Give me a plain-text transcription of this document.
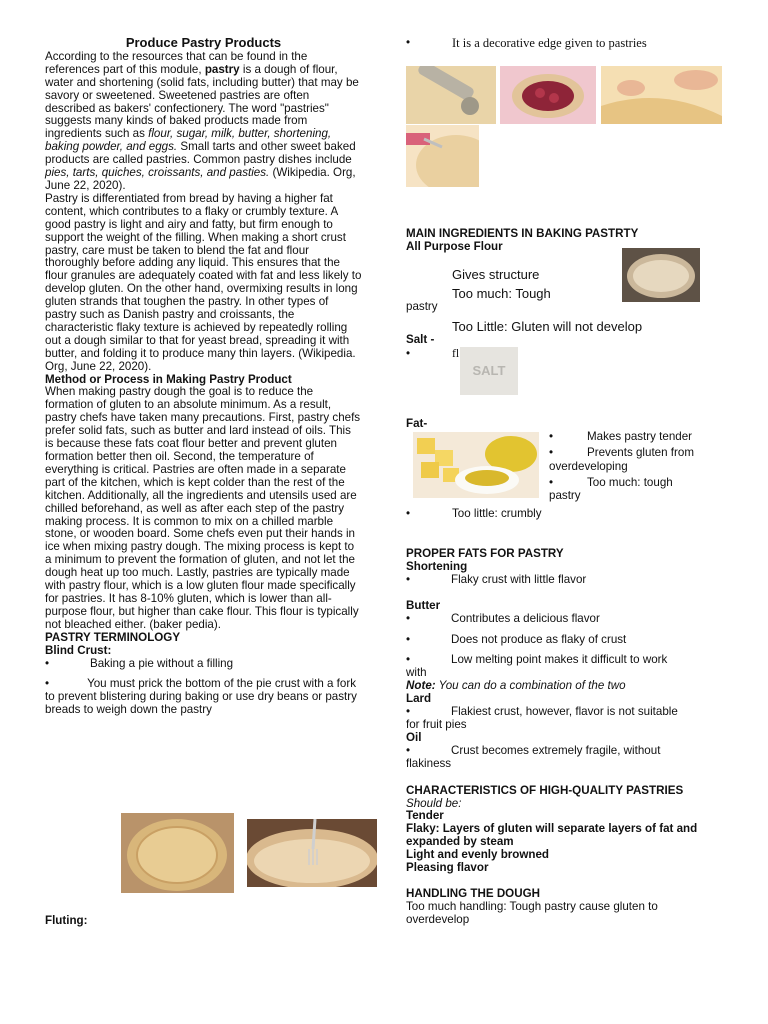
Produce Pastry Products

According to the resources that can be found in the references part of this module, pastry is a dough of flour, water and shortening (solid fats, including butter) that may be savory or sweetened. Sweetened pastries are often described as bakers' confectionery. The word "pastries" suggests many kinds of baked products made from ingredients such as flour, sugar, milk, butter, shortening, baking powder, and eggs. Small tarts and other sweet baked products are called pastries. Common pastry dishes include pies, tarts, quiches, croissants, and pasties. (Wikipedia. Org, June 22, 2020).

Pastry is differentiated from bread by having a higher fat content, which contributes to a flaky or crumbly texture. A good pastry is light and airy and fatty, but firm enough to support the weight of the filling. When making a short crust pastry, care must be taken to blend the fat and flour thoroughly before adding any liquid. This ensures that the flour granules are adequately coated with fat and less likely to develop gluten. On the other hand, overmixing results in long gluten strands that toughen the pastry. In other types of pastry such as Danish pastry and croissants, the characteristic flaky texture is achieved by repeatedly rolling out a dough similar to that for yeast bread, spreading it with butter, and folding it to produce many thin layers. (Wikipedia. Org, June 22, 2020).

Method or Process in Making Pastry Product

When making pastry dough the goal is to reduce the formation of gluten to an absolute minimum. As a result, pastry chefs have taken many precautions. First, pastry chefs prefer solid fats, such as butter and lard instead of oils. This is because these fats coat flour better and prevent gluten formation better then oil. Second, the temperature of everything is critical. Pastries are often made in a separate part of the kitchen, which is kept colder than the rest of the kitchen. Additionally, all the ingredients and utensils used are chilled beforehand, as well as after each step of the pastry making process. It is common to mix on a chilled marble stone, or wooden board. Some chefs even put their hands in ice when mixing pastry dough. The mixing process is kept to a minimum to prevent the formation of gluten, and not let the dough heat up too much. Lastly, pastries are typically made with pastry flour, which is a low gluten flour made specifically for pastries. It has 8-10% gluten, which is lower than all-purpose flour, but higher than cake flour. This flour is typically not bleached either. (baker pedia).

PASTRY TERMINOLOGY

Blind Crust:

•	Baking a pie without a filling

•	You must prick the bottom of the pie crust with a fork to prevent blistering during baking or use dry beans or pastry breads to weigh down the pastry

Fluting:

•	It is a decorative edge given to pastries

MAIN INGREDIENTS IN BAKING PASTRTY

All Purpose Flour

Gives structure

Too much: Tough

pastry

Too Little: Gluten will not develop

Salt -

•	fl

SALT

Fat-

•	Makes pastry tender

•	Prevents gluten from

overdeveloping

•	Too much: tough

pastry

•	Too little: crumbly

PROPER FATS FOR PASTRY

Shortening

•	Flaky crust with little flavor

Butter

•	Contributes a delicious flavor
•	Does not produce as flaky of crust
•	Low melting point makes it difficult to work

with

Note: You can do a combination of the two

Lard

•	Flakiest crust, however, flavor is not suitable

for fruit pies

Oil

•	Crust becomes extremely fragile, without

flakiness

CHARACTERISTICS OF HIGH-QUALITY PASTRIES

Should be:

Tender

Flaky: Layers of gluten will separate layers of fat and expanded by steam

Light and evenly browned

Pleasing flavor

HANDLING THE DOUGH

Too much handling: Tough pastry cause gluten to overdevelop
